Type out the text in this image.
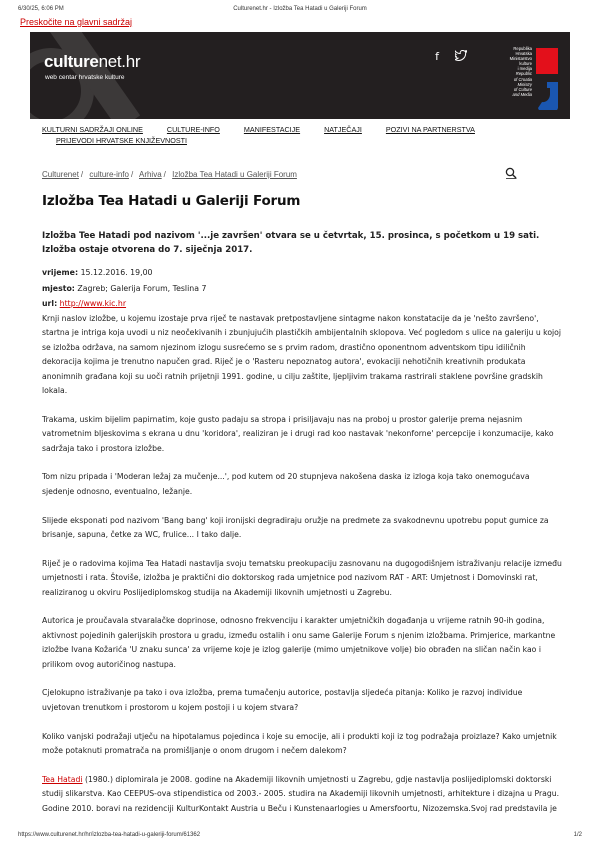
6/30/25, 6:06 PM	Culturenet.hr - Izložba Tea Hatadi u Galeriji Forum
Preskočite na glavni sadržaj
culturenet.hr
web centar hrvatske kulture
f
Republika
Hrvatska
Ministarstvo
kulture
i medija
Republic
of Croatia
Ministry
of Culture
and Media
KULTURNI SADRŽAJI ONLINE	CULTURE-INFO	MANIFESTACIJE	NATJEČAJI	POZIVI NA PARTNERSTVA
PRIJEVODI HRVATSKE KNJIŽEVNOSTI
Culturenet / culture-info / Arhiva / Izložba Tea Hatadi u Galeriji Forum
Izložba Tea Hatadi u Galeriji Forum
Izložba Tee Hatadi pod nazivom '...je završen' otvara se u četvrtak, 15. prosinca, s početkom u 19 sati. Izložba ostaje otvorena do 7. siječnja 2017.
vrijeme: 15.12.2016. 19,00
mjesto: Zagreb; Galerija Forum, Teslina 7
url: http://www.kic.hr

Krnji naslov izložbe, u kojemu izostaje prva riječ te nastavak pretpostavljene sintagme nakon konstatacije da je 'nešto završeno', startna je intriga koja uvodi u niz neočekivanih i zbunjujućih plastičkih ambijentalnih sklopova. Već pogledom s ulice na galeriju u kojoj se izložba održava, na samom njezinom izlogu susrećemo se s prvim radom, drastično oponentnom adventskom tipu idiličnih dekoracija kojima je trenutno napučen grad. Riječ je o 'Rasteru nepoznatog autora', evokaciji nehotičnih kreativnih produkata anonimnih građana koji su uoči ratnih prijetnji 1991. godine, u cilju zaštite, ljepljivim trakama rastrirali staklene površine gradskih lokala.

Trakama, uskim bijelim papirnatim, koje gusto padaju sa stropa i prisiljavaju nas na proboj u prostor galerije prema nejasnim vatrometnim bljeskovima s ekrana u dnu 'koridora', realiziran je i drugi rad koo nastavak 'nekonforne' percepcije i konzumacije, kako sadržaja tako i prostora izložbe.

Tom nizu pripada i 'Moderan ležaj za mučenje...', pod kutem od 20 stupnjeva nakošena daska iz izloga koja tako onemogućava sjedenje odnosno, eventualno, ležanje.

Slijede eksponati pod nazivom 'Bang bang' koji ironijski degradiraju oružje na predmete za svakodnevnu upotrebu poput gumice za brisanje, sapuna, četke za WC, frulice... I tako dalje.

Riječ je o radovima kojima Tea Hatadi nastavlja svoju tematsku preokupaciju zasnovanu na dugogodišnjem istraživanju relacije između umjetnosti i rata. Štoviše, izložba je praktični dio doktorskog rada umjetnice pod nazivom RAT - ART: Umjetnost i Domovinski rat, realiziranog u okviru Poslijediplomskog studija na Akademiji likovnih umjetnosti u Zagrebu.

Autorica je proučavala stvaralačke doprinose, odnosno frekvenciju i karakter umjetničkih događanja u vrijeme ratnih 90-ih godina, aktivnost pojedinih galerijskih prostora u gradu, između ostalih i onu same Galerije Forum s njenim izložbama. Primjerice, markantne izložbe Ivana Kožarića 'U znaku sunca' za vrijeme koje je izlog galerije (mimo umjetnikove volje) bio obrađen na sličan način kao i prilikom ovog autoričinog nastupa.

Cjelokupno istraživanje pa tako i ova izložba, prema tumačenju autorice, postavlja sljedeća pitanja: Koliko je razvoj individue uvjetovan trenutkom i prostorom u kojem postoji i u kojem stvara?

Koliko vanjski podražaji utječu na hipotalamus pojedinca i koje su emocije, ali i produkti koji iz tog podražaja proizlaze? Kako umjetnik može potaknuti promatrača na promišljanje o onom drugom i nečem dalekom?

Tea Hatadi (1980.) diplomirala je 2008. godine na Akademiji likovnih umjetnosti u Zagrebu, gdje nastavlja poslijediplomski doktorski studij slikarstva. Kao CEEPUS-ova stipendistica od 2003.- 2005. studira na Akademiji likovnih umjetnosti, arhitekture i dizajna u Pragu. Godine 2010. boravi na rezidenciji KulturKontakt Austria u Beču i Kunstenaarlogies u Amersfoortu, Nizozemska.Svoj rad predstavila je

https://www.culturenet.hr/hr/izlozba-tea-hatadi-u-galeriji-forum/61362	1/2
